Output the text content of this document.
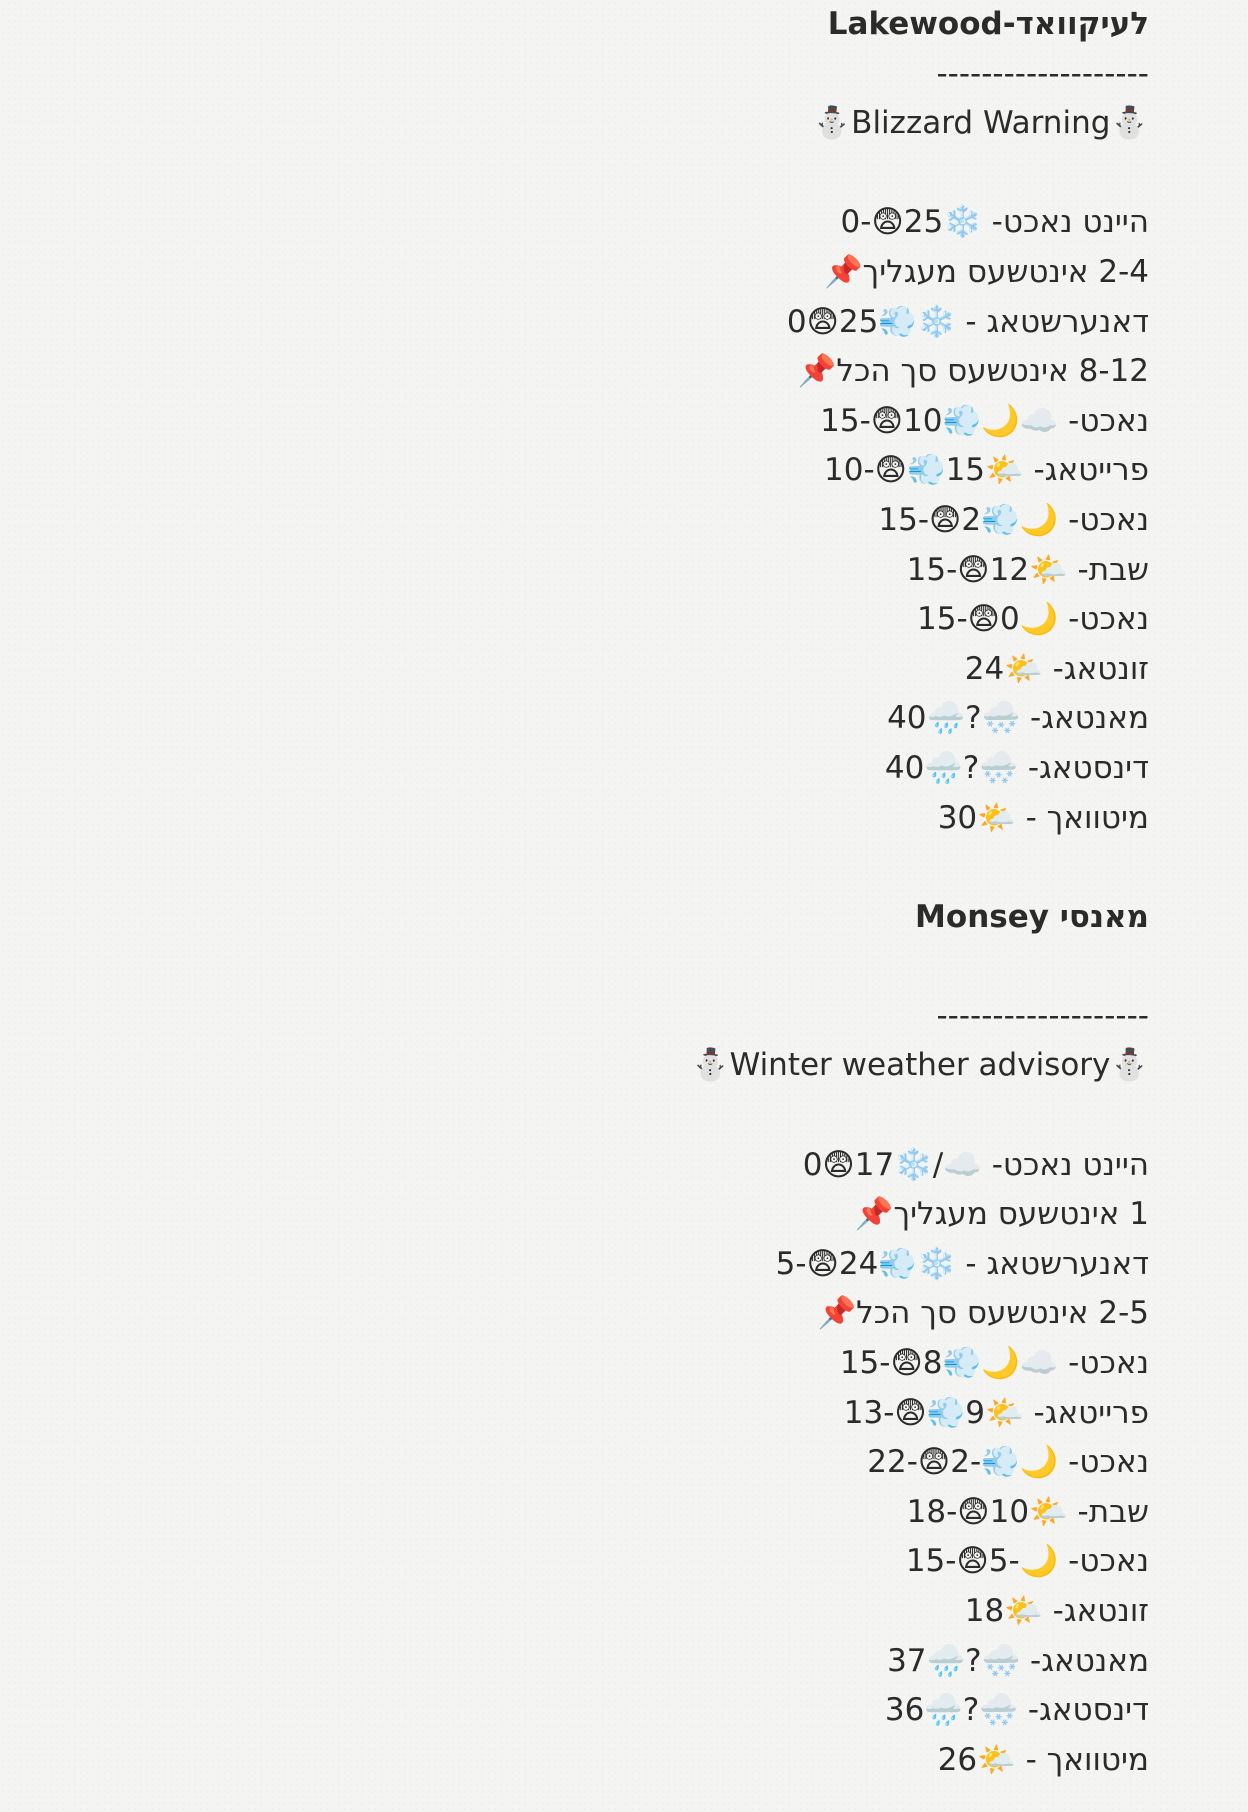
לעיקוואד-Lakewood
-------------------
⛄Blizzard Warning⛄
היינט נאכט- ❄️25😨-0
2-4 אינטשעס מעגליך📌
דאנערשטאג - ❄️💨25😨0
8-12 אינטשעס סך הכל📌
נאכט- ☁️🌙💨10😨-15
פרייטאג- 🌤️15💨😨-10
נאכט- 🌙💨2😨-15
שבת- 🌤️12😨-15
נאכט- 🌙0😨-15
זונטאג- 🌤️24
מאנטאג- 🌨️?🌧️40
דינסטאג- 🌨️?🌧️40
מיטוואך - 🌤️30
מאנסי Monsey
-------------------
⛄Winter weather advisory⛄
היינט נאכט- ☁️/❄️17😨0
1 אינטשעס מעגליך📌
דאנערשטאג - ❄️💨24😨-5
2-5 אינטשעס סך הכל📌
נאכט- ☁️🌙💨8😨-15
פרייטאג- 🌤️9💨😨-13
נאכט- 🌙💨-2😨-22
שבת- 🌤️10😨-18
נאכט- 🌙-5😨-15
זונטאג- 🌤️18
מאנטאג- 🌨️?🌧️37
דינסטאג- 🌨️?🌧️36
מיטוואך - 🌤️26
